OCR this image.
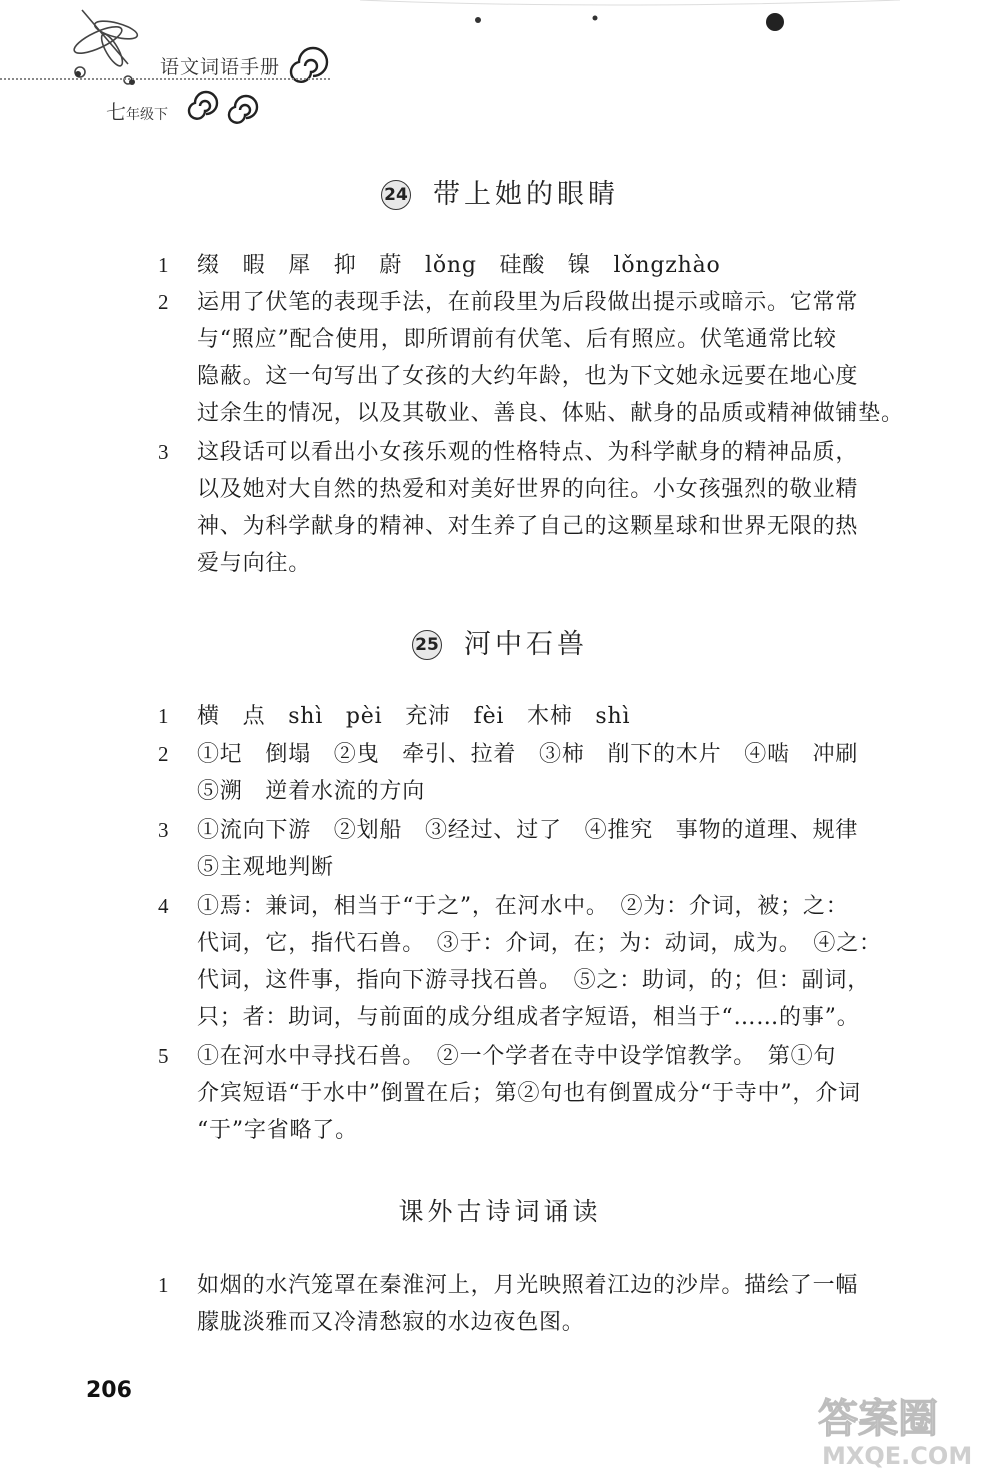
语文词语手册
七年级下
24 带上她的眼睛
1	缀　暇　犀　抑　蔚　lǒng　硅酸　镍　lǒngzhào
2	运用了伏笔的表现手法，在前段里为后段做出提示或暗示。它常常
与“照应”配合使用，即所谓前有伏笔、后有照应。伏笔通常比较
隐蔽。这一句写出了女孩的大约年龄，也为下文她永远要在地心度
过余生的情况，以及其敬业、善良、体贴、献身的品质或精神做铺垫。
3	这段话可以看出小女孩乐观的性格特点、为科学献身的精神品质，
以及她对大自然的热爱和对美好世界的向往。小女孩强烈的敬业精
神、为科学献身的精神、对生养了自己的这颗星球和世界无限的热
爱与向往。
25 河中石兽
1	横　点　shì　pèi　充沛　fèi　木柿　shì
2	①圮　倒塌　②曳　牵引、拉着　③柿　削下的木片　④啮　冲刷
⑤溯　逆着水流的方向
3	①流向下游　②划船　③经过、过了　④推究　事物的道理、规律
⑤主观地判断
4	①焉：兼词，相当于“于之”，在河水中。　②为：介词，被；之：
代词，它，指代石兽。　③于：介词，在；为：动词，成为。　④之：
代词，这件事，指向下游寻找石兽。　⑤之：助词，的；但：副词，
只；者：助词，与前面的成分组成者字短语，相当于“……的事”。
5	①在河水中寻找石兽。　②一个学者在寺中设学馆教学。　第①句
介宾短语“于水中”倒置在后；第②句也有倒置成分“于寺中”，介词
“于”字省略了。
课外古诗词诵读
1	如烟的水汽笼罩在秦淮河上，月光映照着江边的沙岸。描绘了一幅
朦胧淡雅而又冷清愁寂的水边夜色图。
206
答案圈
MXQE.COM
